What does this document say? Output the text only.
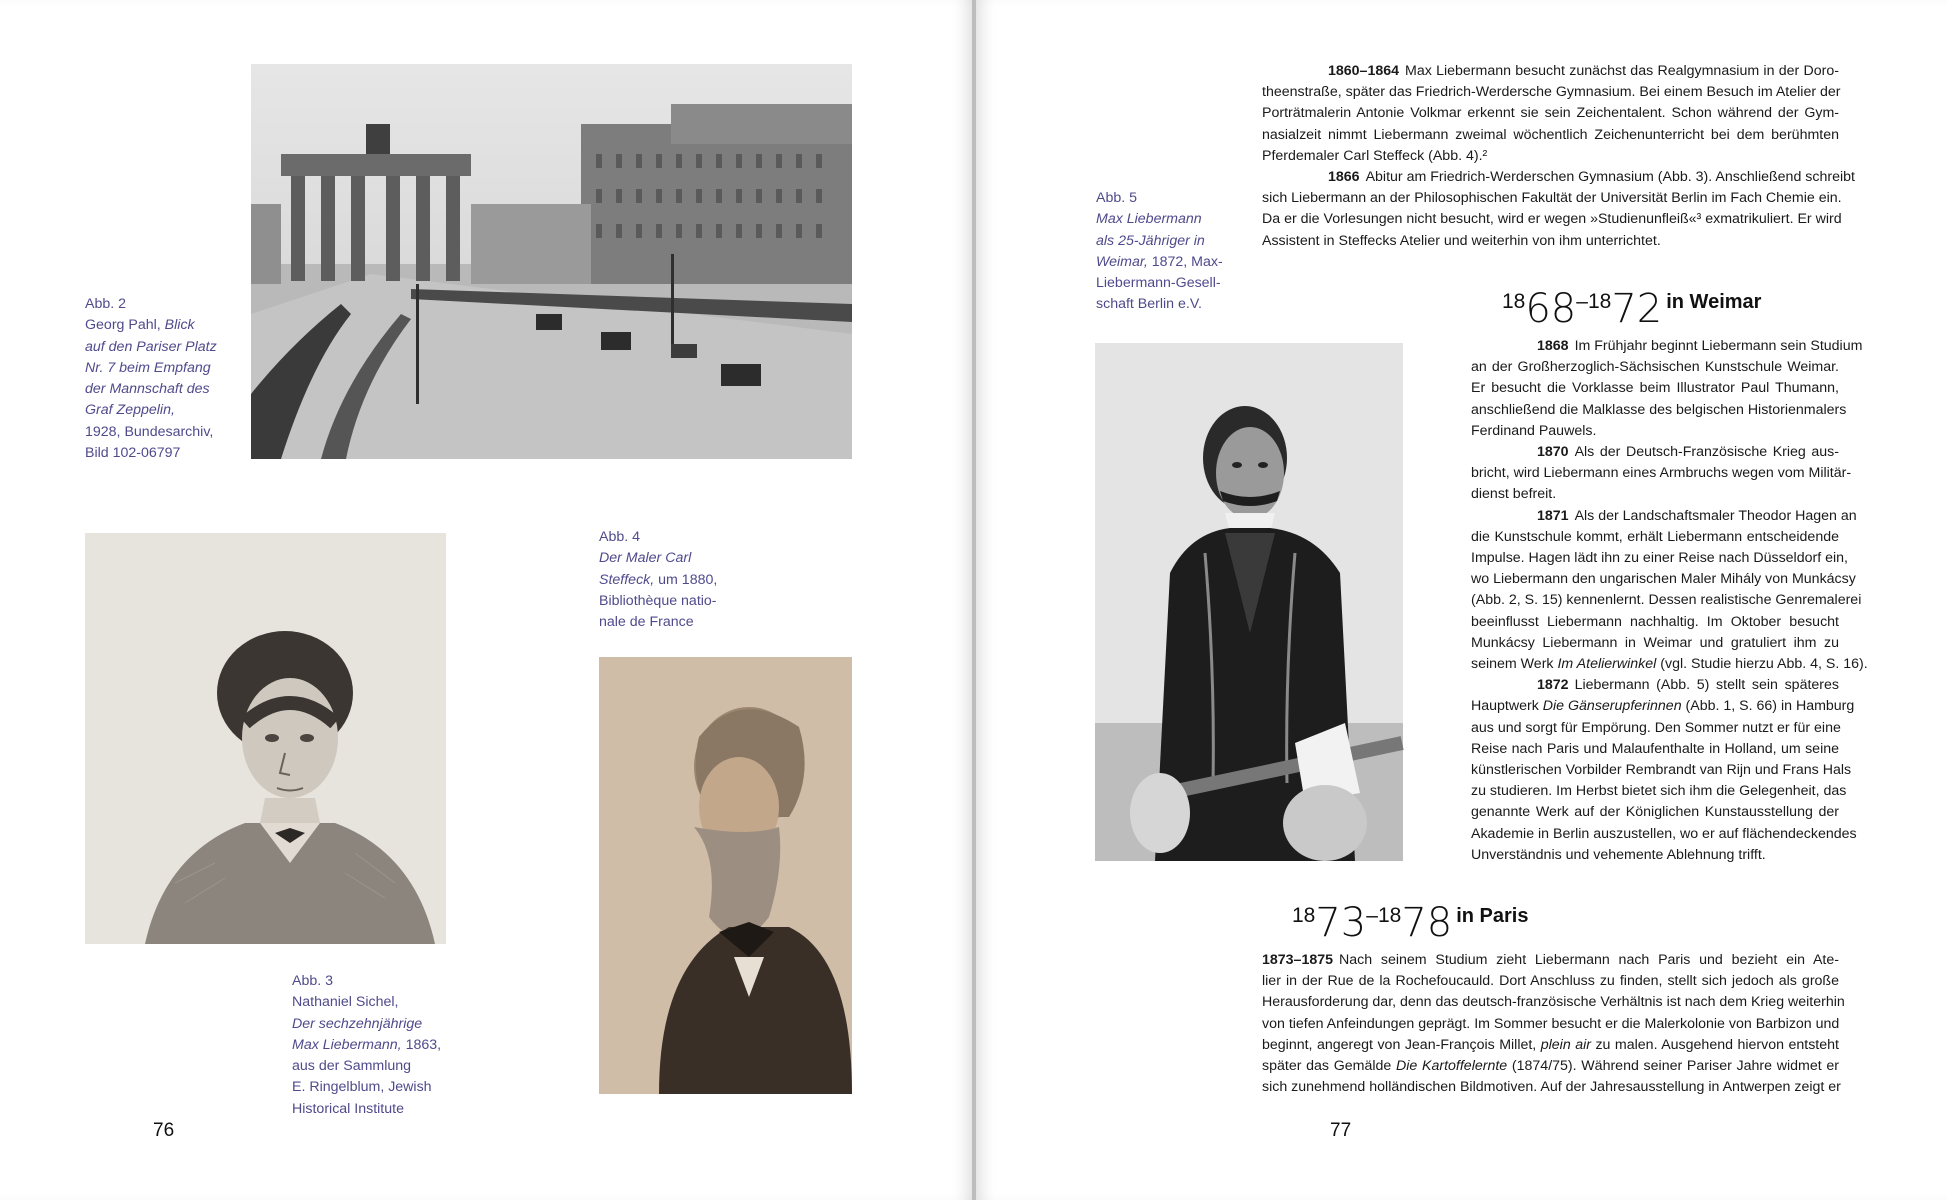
Abb. 2
Georg Pahl, Blick
auf den Pariser Platz
Nr. 7 beim Empfang
der Mannschaft des
Graf Zeppelin,
1928, Bundesarchiv,
Bild 102-06797
Abb. 3
Nathaniel Sichel,
Der sechzehnjährige
Max Liebermann, 1863,
aus der Sammlung
E. Ringelblum, Jewish
Historical Institute
Abb. 4
Der Maler Carl
Steffeck, um 1880,
Bibliothèque natio-
nale de France
76
Abb. 5
Max Liebermann
als 25-Jähriger in
Weimar, 1872, Max-
Liebermann-Gesell-
schaft Berlin e.V.
1860–1864 Max Liebermann besucht zunächst das Realgymnasium in der Doro-
theenstraße, später das Friedrich-Werdersche Gymnasium. Bei einem Besuch im Atelier der
Porträtmalerin Antonie Volkmar erkennt sie sein Zeichentalent. Schon während der Gym-
nasialzeit nimmt Liebermann zweimal wöchentlich Zeichenunterricht bei dem berühmten
Pferdemaler Carl Steffeck (Abb. 4).²
1866 Abitur am Friedrich-Werderschen Gymnasium (Abb. 3). Anschließend schreibt
sich Liebermann an der Philosophischen Fakultät der Universität Berlin im Fach Chemie ein.
Da er die Vorlesungen nicht besucht, wird er wegen »Studienunfleiß«³ exmatrikuliert. Er wird
Assistent in Steffecks Atelier und weiterhin von ihm unterrichtet.
1868–1872 in Weimar
1868 Im Frühjahr beginnt Liebermann sein Studium
an der Großherzoglich-Sächsischen Kunstschule Weimar.
Er besucht die Vorklasse beim Illustrator Paul Thumann,
anschließend die Malklasse des belgischen Historienmalers
Ferdinand Pauwels.
1870 Als der Deutsch-Französische Krieg aus-
bricht, wird Liebermann eines Armbruchs wegen vom Militär-
dienst befreit.
1871 Als der Landschaftsmaler Theodor Hagen an
die Kunstschule kommt, erhält Liebermann entscheidende
Impulse. Hagen lädt ihn zu einer Reise nach Düsseldorf ein,
wo Liebermann den ungarischen Maler Mihály von Munkácsy
(Abb. 2, S. 15) kennenlernt. Dessen realistische Genremalerei
beeinflusst Liebermann nachhaltig. Im Oktober besucht
Munkácsy Liebermann in Weimar und gratuliert ihm zu
seinem Werk Im Atelierwinkel (vgl. Studie hierzu Abb. 4, S. 16).
1872 Liebermann (Abb. 5) stellt sein späteres
Hauptwerk Die Gänserupferinnen (Abb. 1, S. 66) in Hamburg
aus und sorgt für Empörung. Den Sommer nutzt er für eine
Reise nach Paris und Malaufenthalte in Holland, um seine
künstlerischen Vorbilder Rembrandt van Rijn und Frans Hals
zu studieren. Im Herbst bietet sich ihm die Gelegenheit, das
genannte Werk auf der Königlichen Kunstausstellung der
Akademie in Berlin auszustellen, wo er auf flächendeckendes
Unverständnis und vehemente Ablehnung trifft.
1873–1878 in Paris
1873–1875 Nach seinem Studium zieht Liebermann nach Paris und bezieht ein Ate-
lier in der Rue de la Rochefoucauld. Dort Anschluss zu finden, stellt sich jedoch als große
Herausforderung dar, denn das deutsch-französische Verhältnis ist nach dem Krieg weiterhin
von tiefen Anfeindungen geprägt. Im Sommer besucht er die Malerkolonie von Barbizon und
beginnt, angeregt von Jean-François Millet, plein air zu malen. Ausgehend hiervon entsteht
später das Gemälde Die Kartoffelernte (1874/75). Während seiner Pariser Jahre widmet er
sich zunehmend holländischen Bildmotiven. Auf der Jahresausstellung in Antwerpen zeigt er
77
